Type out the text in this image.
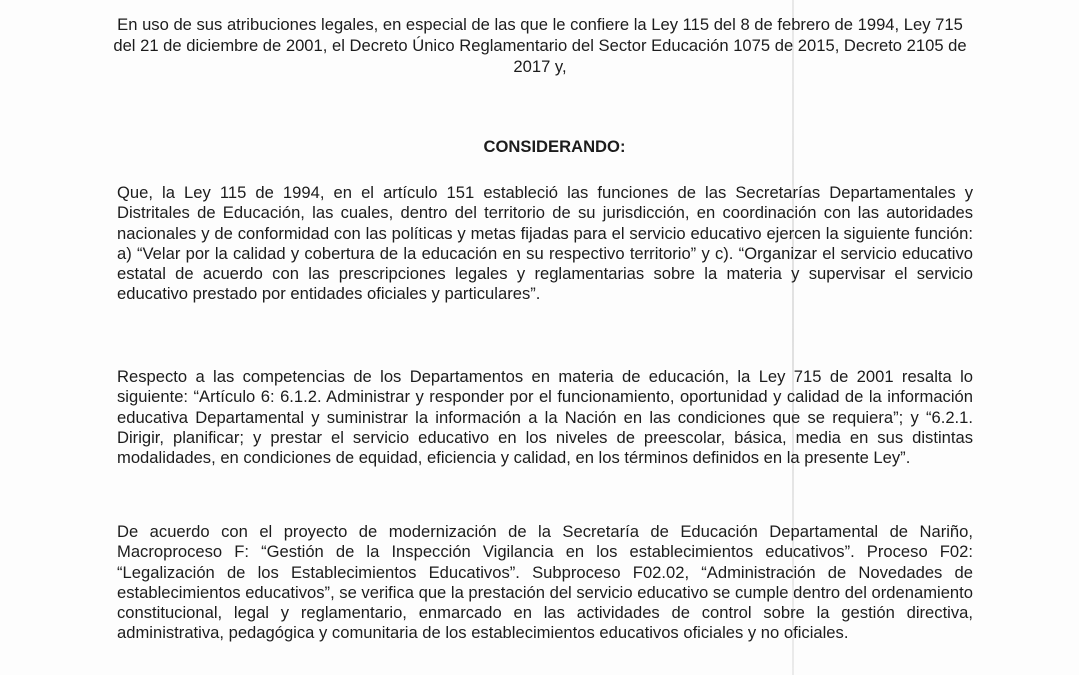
En uso de sus atribuciones legales, en especial de las que le confiere la Ley 115 del 8 de febrero de 1994, Ley 715 del 21 de diciembre de 2001, el Decreto Único Reglamentario del Sector Educación 1075 de 2015, Decreto 2105 de 2017 y,

CONSIDERANDO:

Que, la Ley 115 de 1994, en el artículo 151 estableció las funciones de las Secretarías Departamentales y Distritales de Educación, las cuales, dentro del territorio de su jurisdicción, en coordinación con las autoridades nacionales y de conformidad con las políticas y metas fijadas para el servicio educativo ejercen la siguiente función: a) “Velar por la calidad y cobertura de la educación en su respectivo territorio” y c). “Organizar el servicio educativo estatal de acuerdo con las prescripciones legales y reglamentarias sobre la materia y supervisar el servicio educativo prestado por entidades oficiales y particulares”.

Respecto a las competencias de los Departamentos en materia de educación, la Ley 715 de 2001 resalta lo siguiente: “Artículo 6: 6.1.2. Administrar y responder por el funcionamiento, oportunidad y calidad de la información educativa Departamental y suministrar la información a la Nación en las condiciones que se requiera”; y “6.2.1. Dirigir, planificar; y prestar el servicio educativo en los niveles de preescolar, básica, media en sus distintas modalidades, en condiciones de equidad, eficiencia y calidad, en los términos definidos en la presente Ley”.

De acuerdo con el proyecto de modernización de la Secretaría de Educación Departamental de Nariño, Macroproceso F: “Gestión de la Inspección Vigilancia en los establecimientos educativos”. Proceso F02: “Legalización de los Establecimientos Educativos”. Subproceso F02.02, “Administración de Novedades de establecimientos educativos”, se verifica que la prestación del servicio educativo se cumple dentro del ordenamiento constitucional, legal y reglamentario, enmarcado en las actividades de control sobre la gestión directiva, administrativa, pedagógica y comunitaria de los establecimientos educativos oficiales y no oficiales.
